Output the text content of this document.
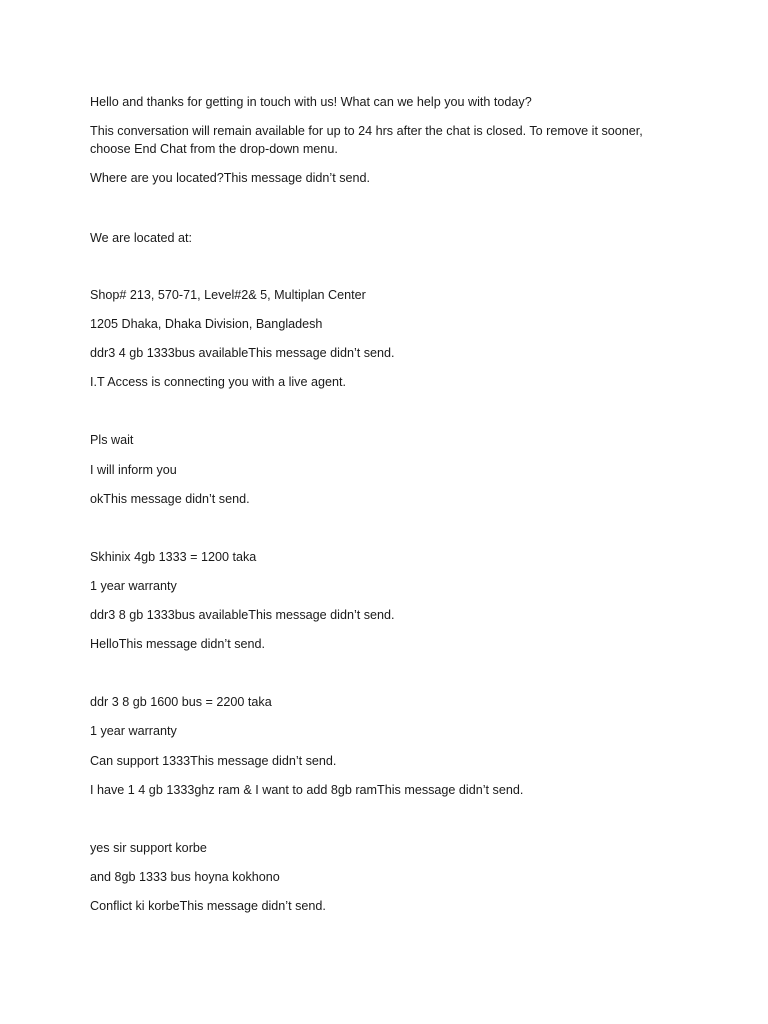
Hello and thanks for getting in touch with us! What can we help you with today?
This conversation will remain available for up to 24 hrs after the chat is closed. To remove it sooner,
choose End Chat from the drop-down menu.
Where are you located?This message didn’t send.
We are located at:
Shop# 213, 570-71, Level#2& 5, Multiplan Center
1205 Dhaka, Dhaka Division, Bangladesh
ddr3 4 gb 1333bus availableThis message didn’t send.
I.T Access is connecting you with a live agent.
Pls wait
I will inform you
okThis message didn’t send.
Skhinix 4gb 1333 = 1200 taka
1 year warranty
ddr3 8 gb 1333bus availableThis message didn’t send.
HelloThis message didn’t send.
ddr 3 8 gb 1600 bus = 2200 taka
1 year warranty
Can support 1333This message didn’t send.
I have 1 4 gb 1333ghz ram & I want to add 8gb ramThis message didn’t send.
yes sir support korbe
and 8gb 1333 bus hoyna kokhono
Conflict ki korbeThis message didn’t send.
